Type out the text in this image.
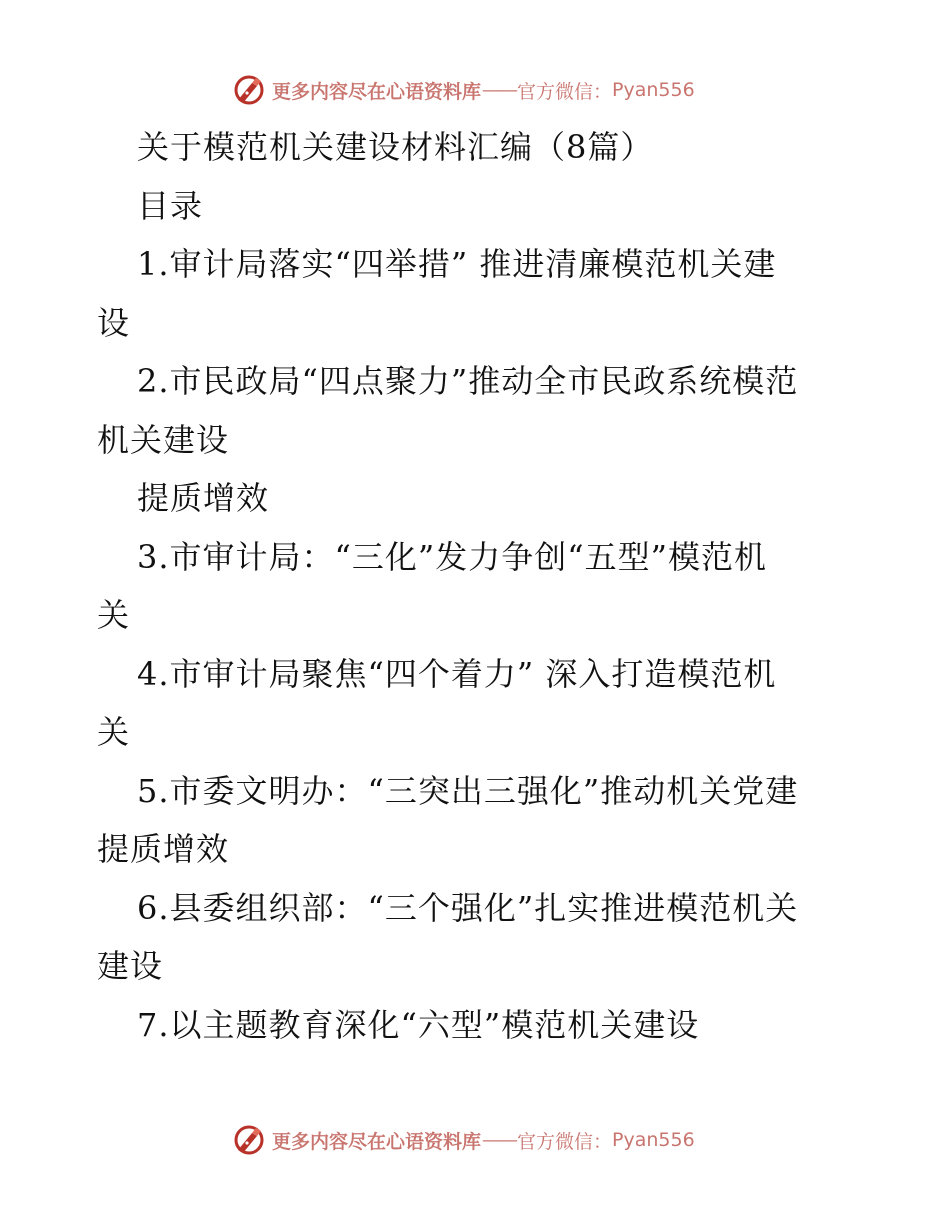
更多内容尽在心语资料库 —— 官方微信： Pyan556
关于模范机关建设材料汇编（8篇）
目录
1.审计局落实“四举措” 推进清廉模范机关建
设
2.市民政局“四点聚力”推动全市民政系统模范
机关建设
提质增效
3.市审计局：“三化”发力争创“五型”模范机
关
4.市审计局聚焦“四个着力” 深入打造模范机
关
5.市委文明办：“三突出三强化”推动机关党建
提质增效
6.县委组织部：“三个强化”扎实推进模范机关
建设
7.以主题教育深化“六型”模范机关建设
更多内容尽在心语资料库 —— 官方微信： Pyan556
